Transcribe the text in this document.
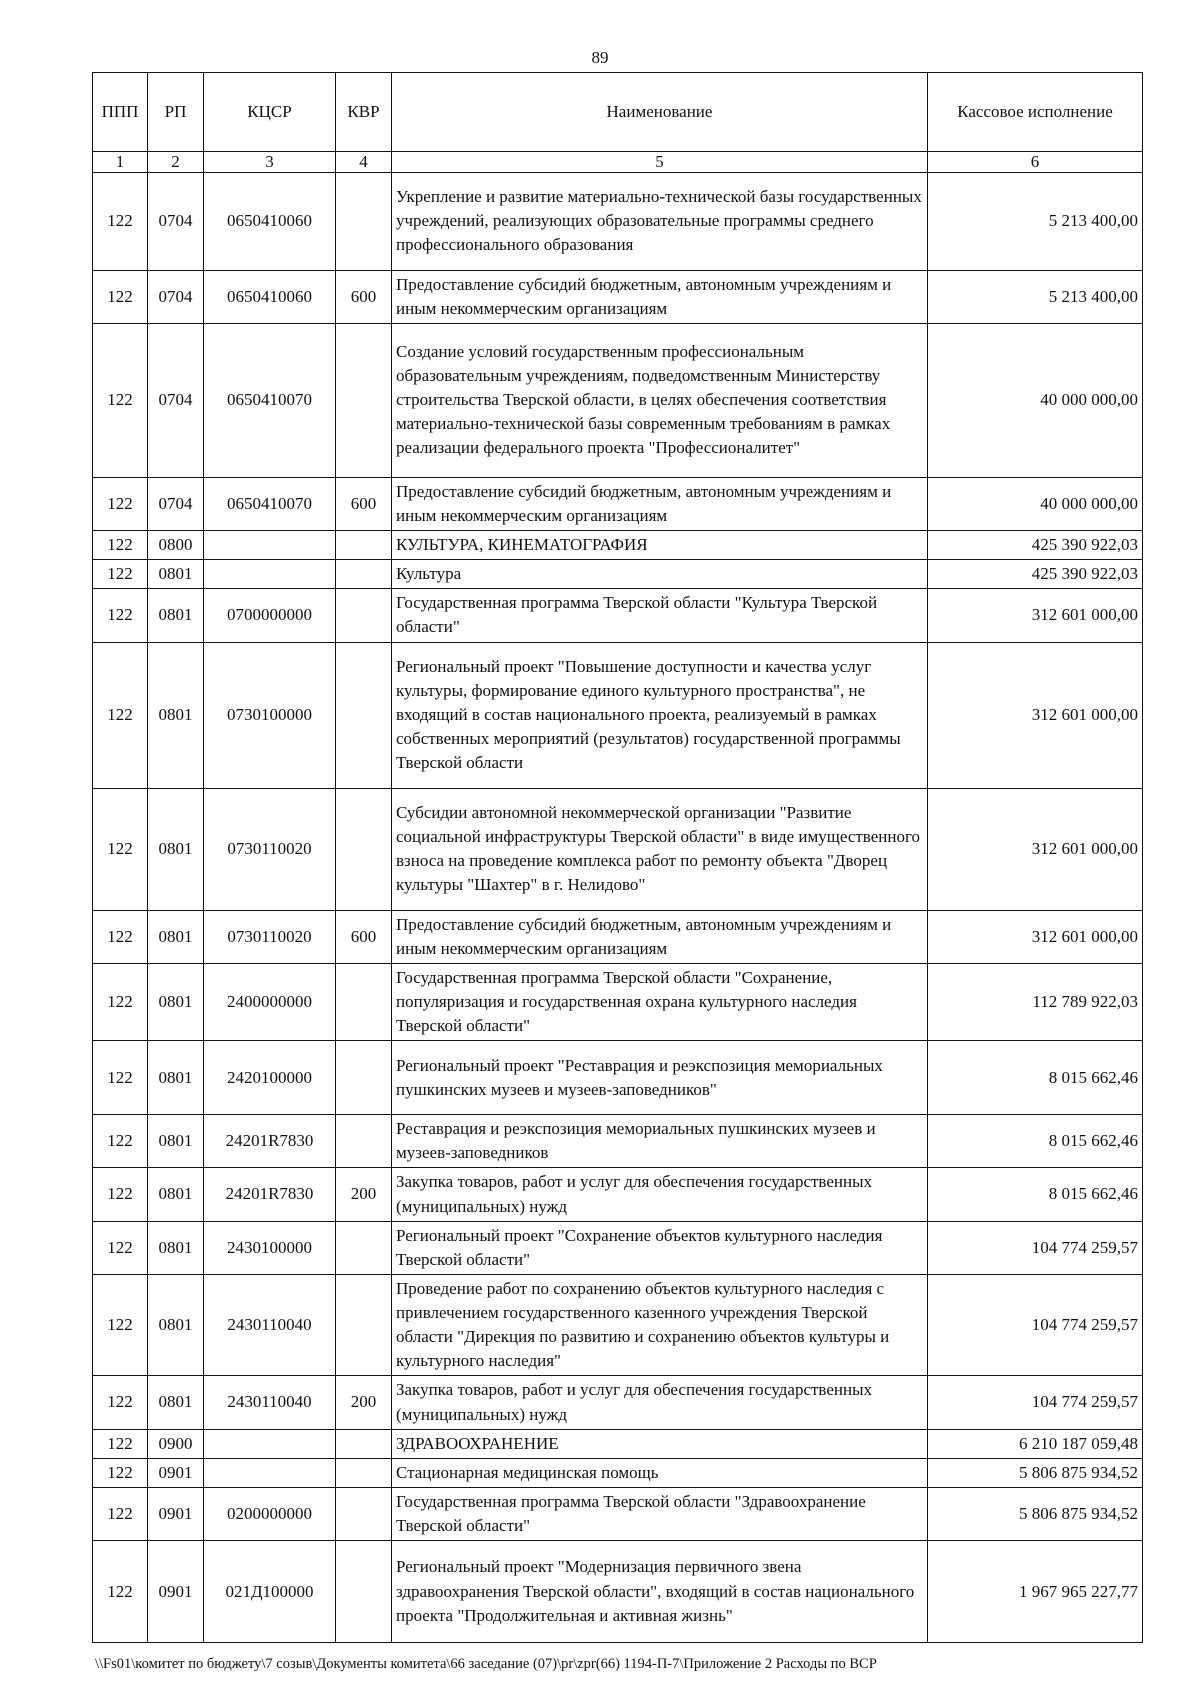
89
ППП	РП	КЦСР	КВР	Наименование	Кассовое исполнение
1	2	3	4	5	6
122	0704	0650410060		Укрепление и развитие материально-технической базы государственных учреждений, реализующих образовательные программы среднего профессионального образования	5 213 400,00
122	0704	0650410060	600	Предоставление субсидий бюджетным, автономным учреждениям и иным некоммерческим организациям	5 213 400,00
122	0704	0650410070		Создание условий государственным профессиональным образовательным учреждениям, подведомственным Министерству строительства Тверской области, в целях обеспечения соответствия материально-технической базы современным требованиям в рамках реализации федерального проекта "Профессионалитет"	40 000 000,00
122	0704	0650410070	600	Предоставление субсидий бюджетным, автономным учреждениям и иным некоммерческим организациям	40 000 000,00
122	0800			КУЛЬТУРА, КИНЕМАТОГРАФИЯ	425 390 922,03
122	0801			Культура	425 390 922,03
122	0801	0700000000		Государственная программа Тверской области "Культура Тверской области"	312 601 000,00
122	0801	0730100000		Региональный проект "Повышение доступности и качества услуг культуры, формирование единого культурного пространства", не входящий в состав национального проекта, реализуемый в рамках собственных мероприятий (результатов) государственной программы Тверской области	312 601 000,00
122	0801	0730110020		Субсидии автономной некоммерческой организации "Развитие социальной инфраструктуры Тверской области" в виде имущественного взноса на проведение комплекса работ по ремонту объекта "Дворец культуры "Шахтер" в г. Нелидово"	312 601 000,00
122	0801	0730110020	600	Предоставление субсидий бюджетным, автономным учреждениям и иным некоммерческим организациям	312 601 000,00
122	0801	2400000000		Государственная программа Тверской области "Сохранение, популяризация и государственная охрана культурного наследия Тверской области"	112 789 922,03
122	0801	2420100000		Региональный проект "Реставрация и реэкспозиция мемориальных пушкинских музеев и музеев-заповедников"	8 015 662,46
122	0801	24201R7830		Реставрация и реэкспозиция мемориальных пушкинских музеев и музеев-заповедников	8 015 662,46
122	0801	24201R7830	200	Закупка товаров, работ и услуг для обеспечения государственных (муниципальных) нужд	8 015 662,46
122	0801	2430100000		Региональный проект "Сохранение объектов культурного наследия Тверской области"	104 774 259,57
122	0801	2430110040		Проведение работ по сохранению объектов культурного наследия с привлечением государственного казенного учреждения Тверской области "Дирекция по развитию и сохранению объектов культуры и культурного наследия"	104 774 259,57
122	0801	2430110040	200	Закупка товаров, работ и услуг для обеспечения государственных (муниципальных) нужд	104 774 259,57
122	0900			ЗДРАВООХРАНЕНИЕ	6 210 187 059,48
122	0901			Стационарная медицинская помощь	5 806 875 934,52
122	0901	0200000000		Государственная программа Тверской области "Здравоохранение Тверской области"	5 806 875 934,52
122	0901	021Д100000		Региональный проект "Модернизация первичного звена здравоохранения Тверской области", входящий в состав национального проекта "Продолжительная и активная жизнь"	1 967 965 227,77
\\Fs01\комитет по бюджету\7 созыв\Документы комитета\66 заседание (07)\pr\zpr(66) 1194-П-7\Приложение 2 Расходы по ВСР
